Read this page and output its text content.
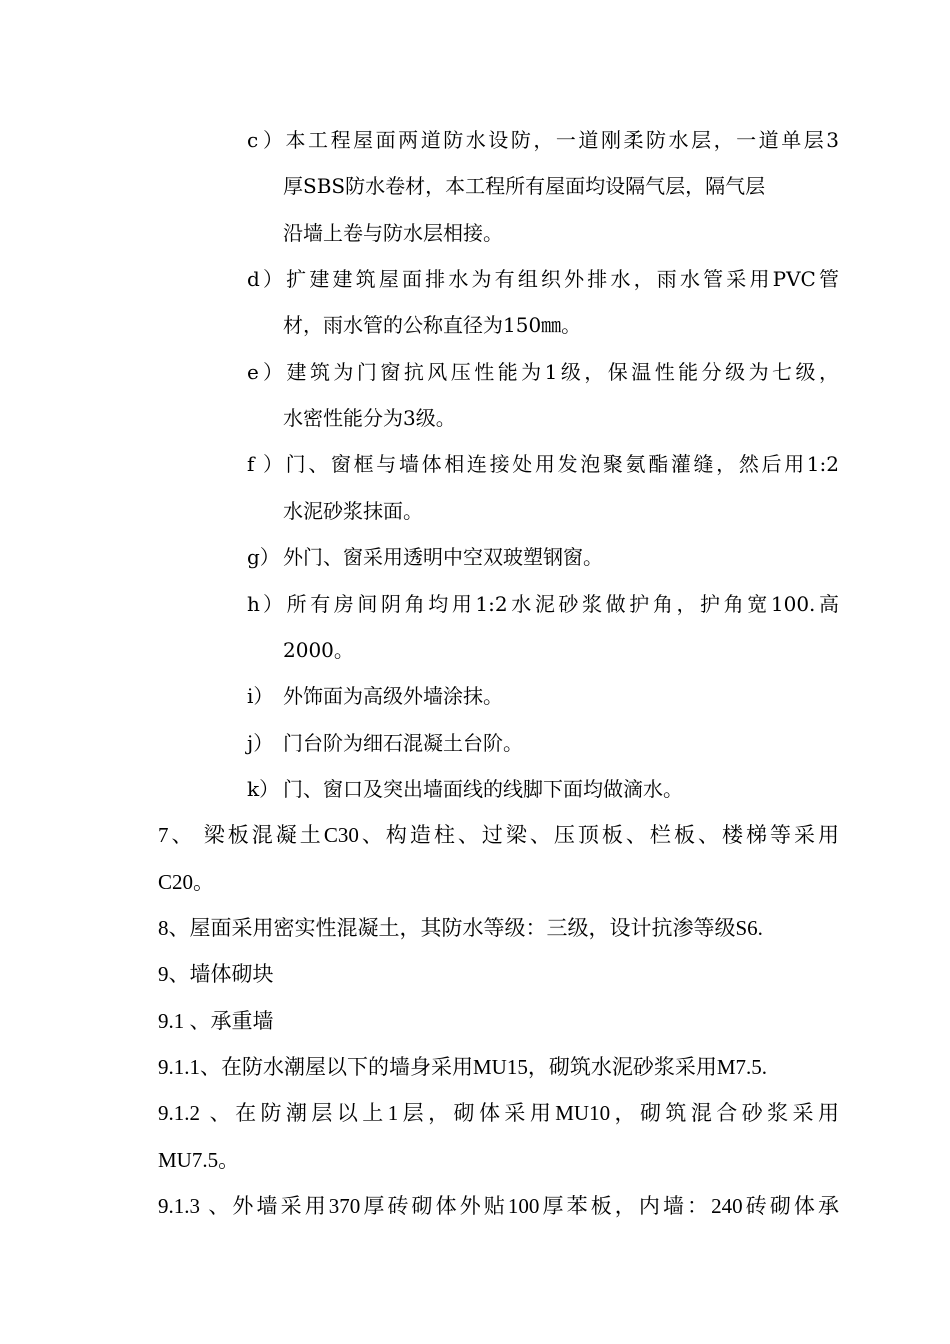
c）本工程屋面两道防水设防，一道刚柔防水层，一道单层3
厚SBS防水卷材，本工程所有屋面均设隔气层，隔气层
沿墙上卷与防水层相接。
d）扩建建筑屋面排水为有组织外排水，雨水管采用PVC管
材，雨水管的公称直径为150㎜。
e）建筑为门窗抗风压性能为1级，保温性能分级为七级，
水密性能分为3级。
f）门、窗框与墙体相连接处用发泡聚氨酯灌缝，然后用1:2
水泥砂浆抹面。
g） 外门、窗采用透明中空双玻塑钢窗。
h）所有房间阴角均用1:2水泥砂浆做护角，护角宽100.高
2000。
i） 外饰面为高级外墙涂抹。
j） 门台阶为细石混凝土台阶。
k） 门、窗口及突出墙面线的线脚下面均做滴水。
7、 梁板混凝土C30、构造柱、过梁、压顶板、栏板、楼梯等采用
C20。
8、屋面采用密实性混凝土，其防水等级：三级，设计抗渗等级S6.
9、墙体砌块
9.1 、承重墙
9.1.1、在防水潮屋以下的墙身采用MU15，砌筑水泥砂浆采用M7.5.
9.1.2 、在防潮层以上1层，砌体采用MU10，砌筑混合砂浆采用
MU7.5。
9.1.3 、外墙采用370厚砖砌体外贴100厚苯板，内墙：240砖砌体承
